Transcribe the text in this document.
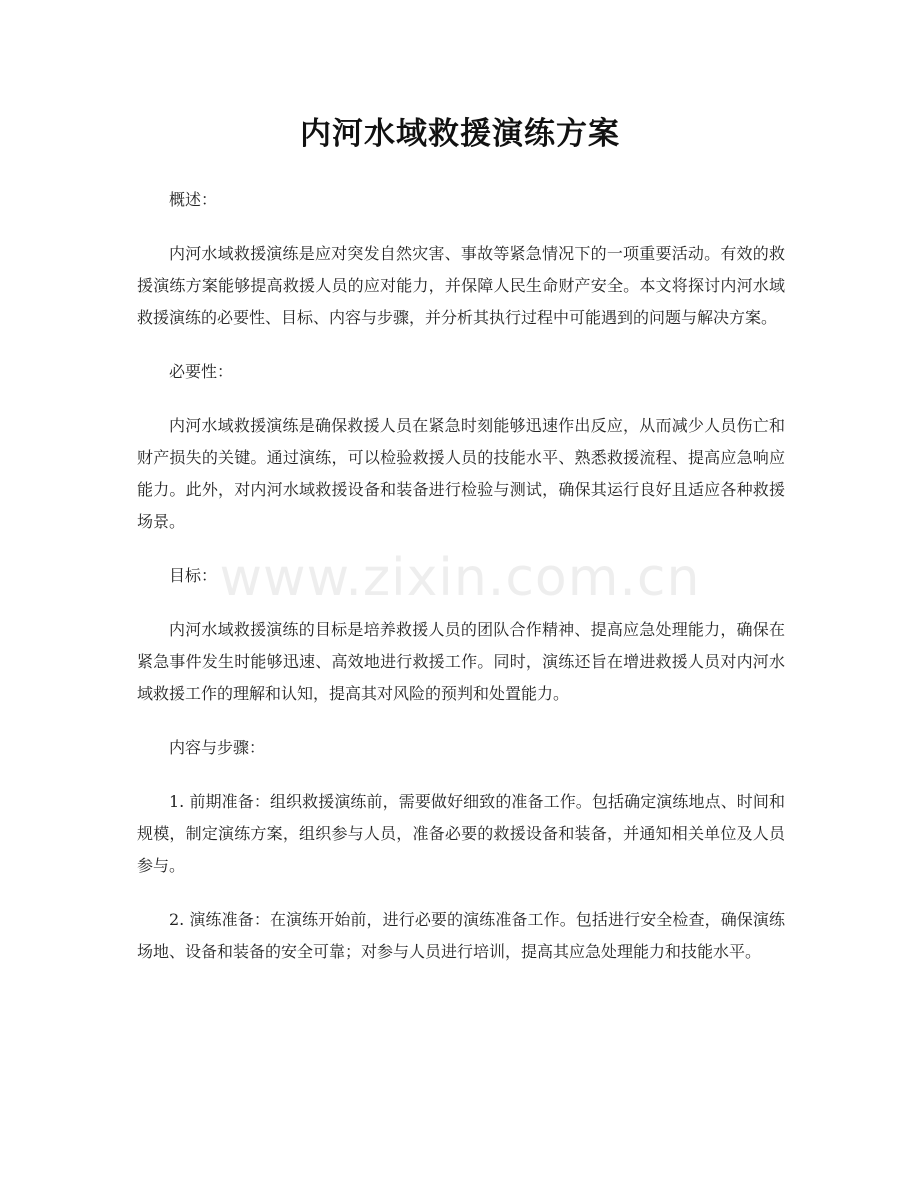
内河水域救援演练方案
www.zixin.com.cn

概述：

内河水域救援演练是应对突发自然灾害、事故等紧急情况下的一项重要活动。有效的救援演练方案能够提高救援人员的应对能力，并保障人民生命财产安全。本文将探讨内河水域救援演练的必要性、目标、内容与步骤，并分析其执行过程中可能遇到的问题与解决方案。

必要性：

内河水域救援演练是确保救援人员在紧急时刻能够迅速作出反应，从而减少人员伤亡和财产损失的关键。通过演练，可以检验救援人员的技能水平、熟悉救援流程、提高应急响应能力。此外，对内河水域救援设备和装备进行检验与测试，确保其运行良好且适应各种救援场景。

目标：

内河水域救援演练的目标是培养救援人员的团队合作精神、提高应急处理能力，确保在紧急事件发生时能够迅速、高效地进行救援工作。同时，演练还旨在增进救援人员对内河水域救援工作的理解和认知，提高其对风险的预判和处置能力。

内容与步骤：

1. 前期准备：组织救援演练前，需要做好细致的准备工作。包括确定演练地点、时间和规模，制定演练方案，组织参与人员，准备必要的救援设备和装备，并通知相关单位及人员参与。

2. 演练准备：在演练开始前，进行必要的演练准备工作。包括进行安全检查，确保演练场地、设备和装备的安全可靠；对参与人员进行培训，提高其应急处理能力和技能水平。
